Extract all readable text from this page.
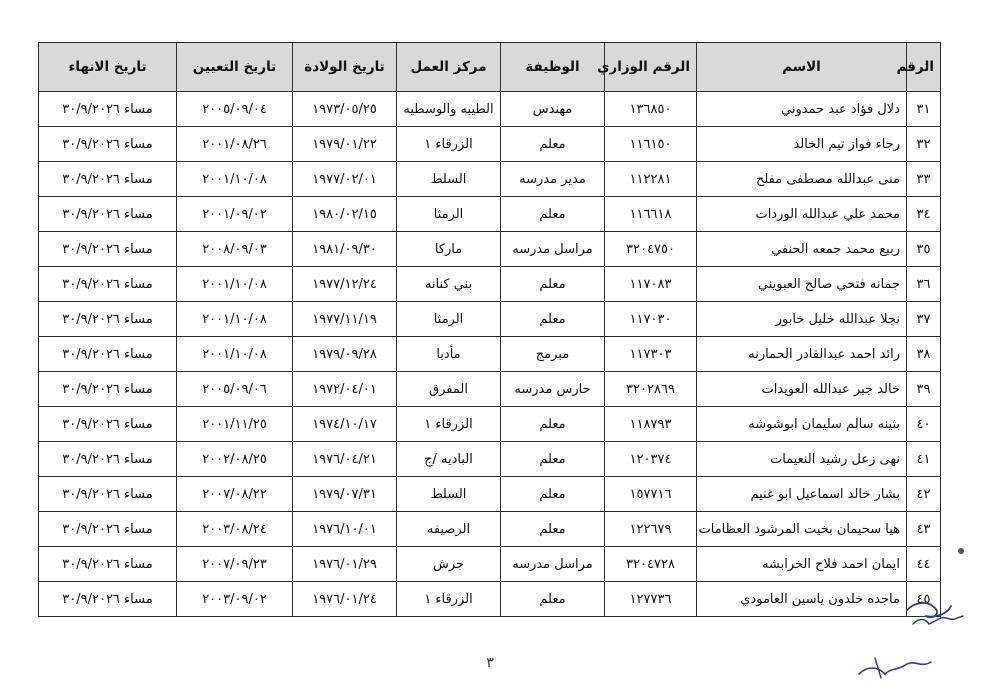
الرقم	الاسم	الرقم الوزاري	الوظيفة	مركز العمل	تاريخ الولادة	تاريخ التعيين	تاريخ الانهاء
٣١	دلال فؤاد عبد حمدوني	١٣٦٨٥٠	مهندس	الطيبه والوسطيه	١٩٧٣/٠٥/٢٥	٢٠٠٥/٠٩/٠٤	مساء ٣٠/٩/٢٠٢٦
٣٢	رجاء فواز تيم الخالد	١١٦١٥٠	معلم	الزرقاء ١	١٩٧٩/٠١/٢٢	٢٠٠١/٠٨/٢٦	مساء ٣٠/٩/٢٠٢٦
٣٣	منى عبدالله مصطفى مفلح	١١٢٢٨١	مدير مدرسه	السلط	١٩٧٧/٠٢/٠١	٢٠٠١/١٠/٠٨	مساء ٣٠/٩/٢٠٢٦
٣٤	محمد علي عبدالله الوردات	١١٦٦١٨	معلم	الرمثا	١٩٨٠/٠٢/١٥	٢٠٠١/٠٩/٠٢	مساء ٣٠/٩/٢٠٢٦
٣٥	ربيع محمد جمعه الحنفي	٣٢٠٤٧٥٠	مراسل مدرسه	ماركا	١٩٨١/٠٩/٣٠	٢٠٠٨/٠٩/٠٣	مساء ٣٠/٩/٢٠٢٦
٣٦	جمانه فتحي صالح العبويني	١١٧٠٨٣	معلم	بني كنانه	١٩٧٧/١٢/٢٤	٢٠٠١/١٠/٠٨	مساء ٣٠/٩/٢٠٢٦
٣٧	نجلا عبدالله خليل خابور	١١٧٠٣٠	معلم	الرمثا	١٩٧٧/١١/١٩	٢٠٠١/١٠/٠٨	مساء ٣٠/٩/٢٠٢٦
٣٨	رائد احمد عبدالقادر الحمارنه	١١٧٣٠٣	مبرمج	مأدبا	١٩٧٩/٠٩/٢٨	٢٠٠١/١٠/٠٨	مساء ٣٠/٩/٢٠٢٦
٣٩	خالد جبر عبدالله العويدات	٣٢٠٢٨٦٩	حارس مدرسه	المفرق	١٩٧٢/٠٤/٠١	٢٠٠٥/٠٩/٠٦	مساء ٣٠/٩/٢٠٢٦
٤٠	بثينه سالم سليمان ابوشوشه	١١٨٧٩٣	معلم	الزرقاء ١	١٩٧٤/١٠/١٧	٢٠٠١/١١/٢٥	مساء ٣٠/٩/٢٠٢٦
٤١	نهى زعل رشيد النعيمات	١٢٠٣٧٤	معلم	الباديه /ج	١٩٧٦/٠٤/٢١	٢٠٠٢/٠٨/٢٥	مساء ٣٠/٩/٢٠٢٦
٤٢	بشار خالد اسماعيل ابو غنيم	١٥٧٧١٦	معلم	السلط	١٩٧٩/٠٧/٣١	٢٠٠٧/٠٨/٢٢	مساء ٣٠/٩/٢٠٢٦
٤٣	هيا سحيمان بخيت المرشود العظامات	١٢٢٦٧٩	معلم	الرصيفه	١٩٧٦/١٠/٠١	٢٠٠٣/٠٨/٢٤	مساء ٣٠/٩/٢٠٢٦
٤٤	ايمان احمد فلاح الخرابشه	٣٢٠٤٧٢٨	مراسل مدرسه	جرش	١٩٧٦/٠١/٢٩	٢٠٠٧/٠٩/٢٣	مساء ٣٠/٩/٢٠٢٦
٤٥	ماجده خلدون ياسين العامودي	١٢٧٧٣٦	معلم	الزرقاء ١	١٩٧٦/٠١/٢٤	٢٠٠٣/٠٩/٠٢	مساء ٣٠/٩/٢٠٢٦
٣
